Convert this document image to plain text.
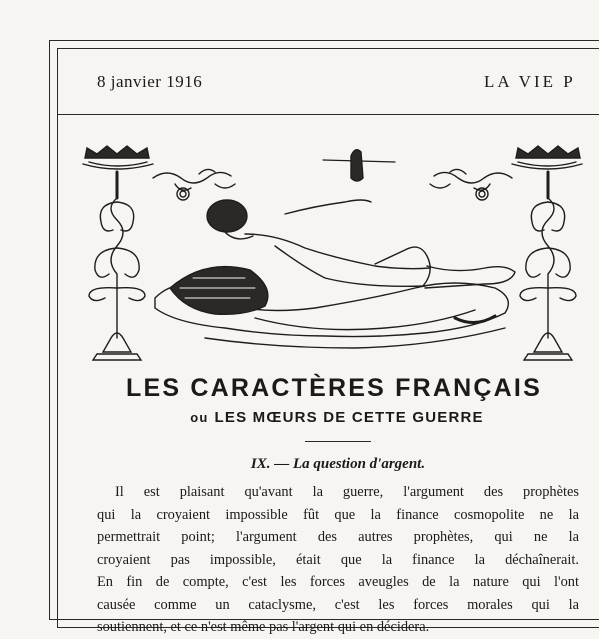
8 janvier 1916	LA VIE P
LES CARACTÈRES FRANÇAIS
ou LES MŒURS DE CETTE GUERRE
IX. — La question d'argent.
Il est plaisant qu'avant la guerre, l'argument des prophètes
qui la croyaient impossible fût que la finance cosmopolite ne la
permettrait point; l'argument des autres prophètes, qui ne la
croyaient pas impossible, était que la finance la déchaînerait.
En fin de compte, c'est les forces aveugles de la nature qui l'ont
causée comme un cataclysme, c'est les forces morales qui la
soutiennent, et ce n'est même pas l'argent qui en décidera.
